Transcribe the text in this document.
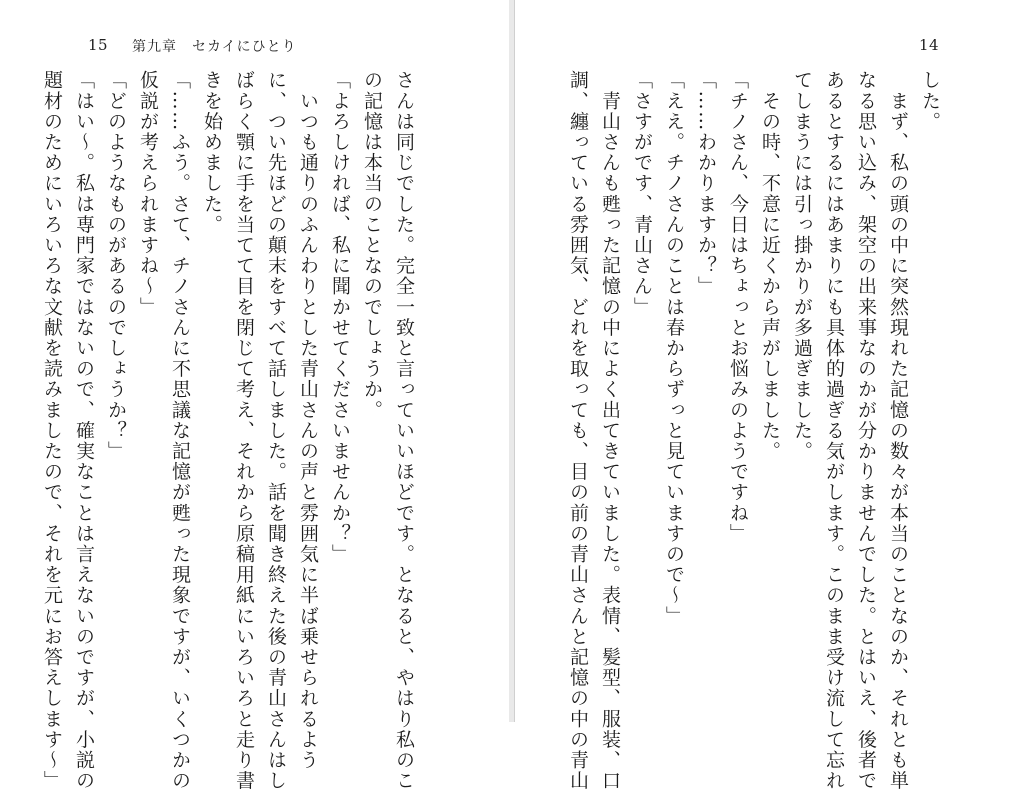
15 第九章　セカイにひとり
さんは同じでした。完全一致と言っていいほどです。となると、やはり私のこ
の記憶は本当のことなのでしょうか。
「よろしければ、私に聞かせてくださいませんか？」
　いつも通りのふんわりとした青山さんの声と雰囲気に半ば乗せられるよう
に、つい先ほどの顛末をすべて話しました。話を聞き終えた後の青山さんはし
ばらく顎に手を当てて目を閉じて考え、それから原稿用紙にいろいろと走り書
きを始めました。
「……ふう。さて、チノさんに不思議な記憶が甦った現象ですが、いくつかの
仮説が考えられますね～」
「どのようなものがあるのでしょうか？」
「はい～。私は専門家ではないので、確実なことは言えないのですが、小説の
題材のためにいろいろな文献を読みましたので、それを元にお答えします～」
14
した。
　まず、私の頭の中に突然現れた記憶の数々が本当のことなのか、それとも単
なる思い込み、架空の出来事なのかが分かりませんでした。とはいえ、後者で
あるとするにはあまりにも具体的過ぎる気がします。このまま受け流して忘れ
てしまうには引っ掛かりが多過ぎました。
　その時、不意に近くから声がしました。
「チノさん、今日はちょっとお悩みのようですね」
「……わかりますか？」
「ええ。チノさんのことは春からずっと見ていますので～」
「さすがです、青山さん」
　青山さんも甦った記憶の中によく出てきていました。表情、髪型、服装、口
調、纏っている雰囲気、どれを取っても、目の前の青山さんと記憶の中の青山
